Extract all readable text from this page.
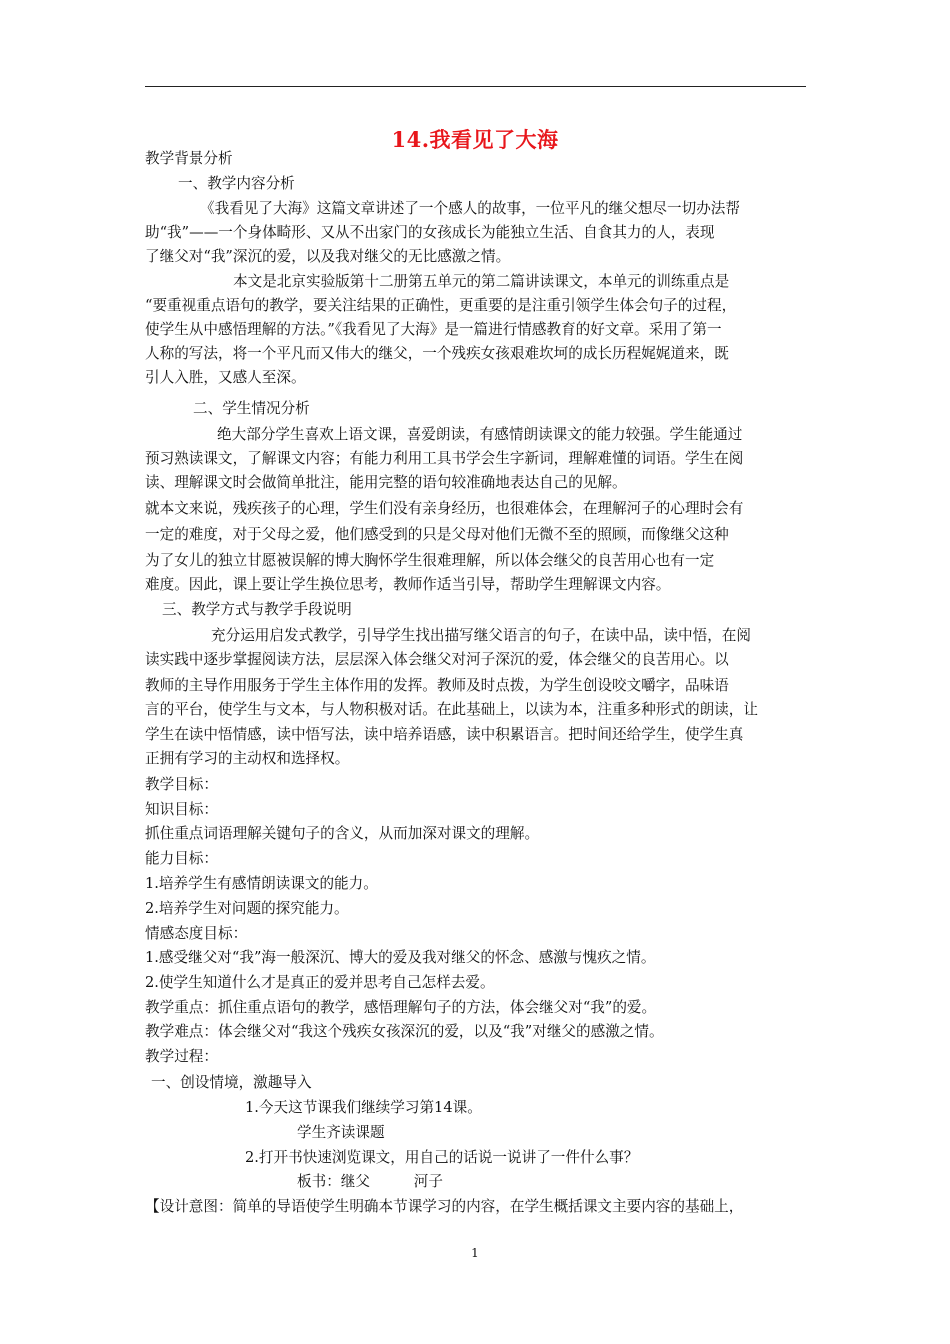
14.我看见了大海
教学背景分析
一、教学内容分析
《我看见了大海》这篇文章讲述了一个感人的故事，一位平凡的继父想尽一切办法帮
助“我”——一个身体畸形、又从不出家门的女孩成长为能独立生活、自食其力的人，表现
了继父对“我”深沉的爱，以及我对继父的无比感激之情。
本文是北京实验版第十二册第五单元的第二篇讲读课文，本单元的训练重点是
“要重视重点语句的教学，要关注结果的正确性，更重要的是注重引领学生体会句子的过程，
使学生从中感悟理解的方法。”《我看见了大海》是一篇进行情感教育的好文章。采用了第一
人称的写法，将一个平凡而又伟大的继父，一个残疾女孩艰难坎坷的成长历程娓娓道来，既
引人入胜，又感人至深。
二、学生情况分析
绝大部分学生喜欢上语文课，喜爱朗读，有感情朗读课文的能力较强。学生能通过
预习熟读课文，了解课文内容；有能力利用工具书学会生字新词，理解难懂的词语。学生在阅
读、理解课文时会做简单批注，能用完整的语句较准确地表达自己的见解。
就本文来说，残疾孩子的心理，学生们没有亲身经历，也很难体会，在理解河子的心理时会有
一定的难度，对于父母之爱，他们感受到的只是父母对他们无微不至的照顾，而像继父这种
为了女儿的独立甘愿被误解的博大胸怀学生很难理解，所以体会继父的良苦用心也有一定
难度。因此，课上要让学生换位思考，教师作适当引导，帮助学生理解课文内容。
三、教学方式与教学手段说明
充分运用启发式教学，引导学生找出描写继父语言的句子，在读中品，读中悟，在阅
读实践中逐步掌握阅读方法，层层深入体会继父对河子深沉的爱，体会继父的良苦用心。以
教师的主导作用服务于学生主体作用的发挥。教师及时点拨，为学生创设咬文嚼字，品味语
言的平台，使学生与文本，与人物积极对话。在此基础上，以读为本，注重多种形式的朗读，让
学生在读中悟情感，读中悟写法，读中培养语感，读中积累语言。把时间还给学生，使学生真
正拥有学习的主动权和选择权。
教学目标：
知识目标：
抓住重点词语理解关键句子的含义，从而加深对课文的理解。
能力目标：
1.培养学生有感情朗读课文的能力。
2.培养学生对问题的探究能力。
情感态度目标：
1.感受继父对“我”海一般深沉、博大的爱及我对继父的怀念、感激与愧疚之情。
2.使学生知道什么才是真正的爱并思考自己怎样去爱。
教学重点：抓住重点语句的教学，感悟理解句子的方法，体会继父对“我”的爱。
教学难点：体会继父对“我这个残疾女孩深沉的爱，以及“我”对继父的感激之情。
教学过程：
一、创设情境，激趣导入
1.今天这节课我们继续学习第14课。
学生齐读课题
2.打开书快速浏览课文，用自己的话说一说讲了一件什么事？
板书：继父　　　河子
【设计意图：简单的导语使学生明确本节课学习的内容，在学生概括课文主要内容的基础上，
1
